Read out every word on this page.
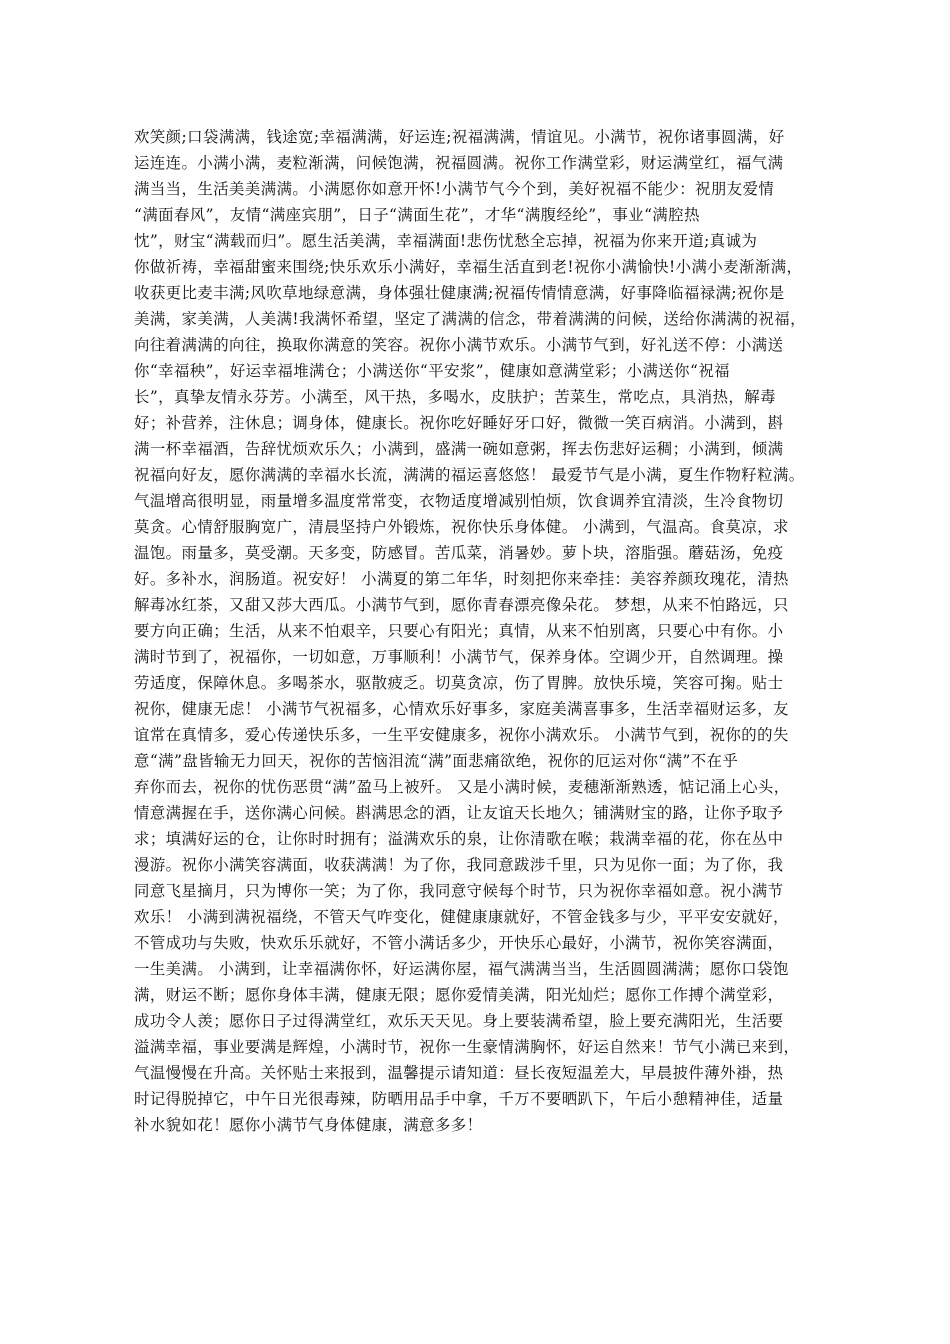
欢笑颜;口袋满满，钱途宽;幸福满满，好运连;祝福满满，情谊见。小满节，祝你诸事圆满，好
运连连。小满小满，麦粒渐满，问候饱满，祝福圆满。祝你工作满堂彩，财运满堂红，福气满
满当当，生活美美满满。小满愿你如意开怀!小满节气今个到，美好祝福不能少：祝朋友爱情
“满面春风”，友情“满座宾朋”，日子“满面生花”，才华“满腹经纶”，事业“满腔热
忱”，财宝“满载而归”。愿生活美满，幸福满面!悲伤忧愁全忘掉，祝福为你来开道;真诚为
你做祈祷，幸福甜蜜来围绕;快乐欢乐小满好，幸福生活直到老!祝你小满愉快!小满小麦渐渐满，
收获更比麦丰满;风吹草地绿意满，身体强壮健康满;祝福传情情意满，好事降临福禄满;祝你是
美满，家美满，人美满!我满怀希望，坚定了满满的信念，带着满满的问候，送给你满满的祝福，
向往着满满的向往，换取你满意的笑容。祝你小满节欢乐。小满节气到，好礼送不停：小满送
你“幸福秧”，好运幸福堆满仓；小满送你“平安浆”，健康如意满堂彩；小满送你“祝福
长”，真挚友情永芬芳。小满至，风干热，多喝水，皮肤护；苦菜生，常吃点，具消热，解毒
好；补营养，注休息；调身体，健康长。祝你吃好睡好牙口好，微微一笑百病消。小满到，斟
满一杯幸福酒，告辞忧烦欢乐久；小满到，盛满一碗如意粥，挥去伤悲好运稠；小满到，倾满
祝福向好友，愿你满满的幸福水长流，满满的福运喜悠悠！ 最爱节气是小满，夏生作物籽粒满。
气温增高很明显，雨量增多温度常常变，衣物适度增减别怕烦，饮食调养宜清淡，生冷食物切
莫贪。心情舒服胸宽广，清晨坚持户外锻炼，祝你快乐身体健。 小满到，气温高。食莫凉，求
温饱。雨量多，莫受潮。天多变，防感冒。苦瓜菜，消暑妙。萝卜块，溶脂强。蘑菇汤，免疫
好。多补水，润肠道。祝安好！ 小满夏的第二年华，时刻把你来牵挂：美容养颜玫瑰花，清热
解毒冰红茶，又甜又莎大西瓜。小满节气到，愿你青春漂亮像朵花。 梦想，从来不怕路远，只
要方向正确；生活，从来不怕艰辛，只要心有阳光；真情，从来不怕别离，只要心中有你。小
满时节到了，祝福你，一切如意，万事顺利！小满节气，保养身体。空调少开，自然调理。操
劳适度，保障休息。多喝茶水，驱散疲乏。切莫贪凉，伤了胃脾。放快乐境，笑容可掬。贴士
祝你，健康无虑！ 小满节气祝福多，心情欢乐好事多，家庭美满喜事多，生活幸福财运多，友
谊常在真情多，爱心传递快乐多，一生平安健康多，祝你小满欢乐。 小满节气到，祝你的的失
意“满”盘皆输无力回天，祝你的苦恼泪流“满”面悲痛欲绝，祝你的厄运对你“满”不在乎
弃你而去，祝你的忧伤恶贯“满”盈马上被歼。 又是小满时候，麦穗渐渐熟透，惦记涌上心头，
情意满握在手，送你满心问候。斟满思念的酒，让友谊天长地久；铺满财宝的路，让你予取予
求；填满好运的仓，让你时时拥有；溢满欢乐的泉，让你清歌在喉；栽满幸福的花，你在丛中
漫游。祝你小满笑容满面，收获满满！为了你，我同意跋涉千里，只为见你一面；为了你，我
同意飞星摘月，只为博你一笑；为了你，我同意守候每个时节，只为祝你幸福如意。祝小满节
欢乐！ 小满到满祝福绕，不管天气咋变化，健健康康就好，不管金钱多与少，平平安安就好，
不管成功与失败，快欢乐乐就好，不管小满话多少，开快乐心最好，小满节，祝你笑容满面，
一生美满。 小满到，让幸福满你怀，好运满你屋，福气满满当当，生活圆圆满满；愿你口袋饱
满，财运不断；愿你身体丰满，健康无限；愿你爱情美满，阳光灿烂；愿你工作搏个满堂彩，
成功令人羡；愿你日子过得满堂红，欢乐天天见。身上要装满希望，脸上要充满阳光，生活要
溢满幸福，事业要满是辉煌，小满时节，祝你一生豪情满胸怀，好运自然来！节气小满已来到，
气温慢慢在升高。关怀贴士来报到，温馨提示请知道：昼长夜短温差大，早晨披件薄外褂，热
时记得脱掉它，中午日光很毒辣，防晒用品手中拿，千万不要晒趴下，午后小憩精神佳，适量
补水貌如花！愿你小满节气身体健康，满意多多！
